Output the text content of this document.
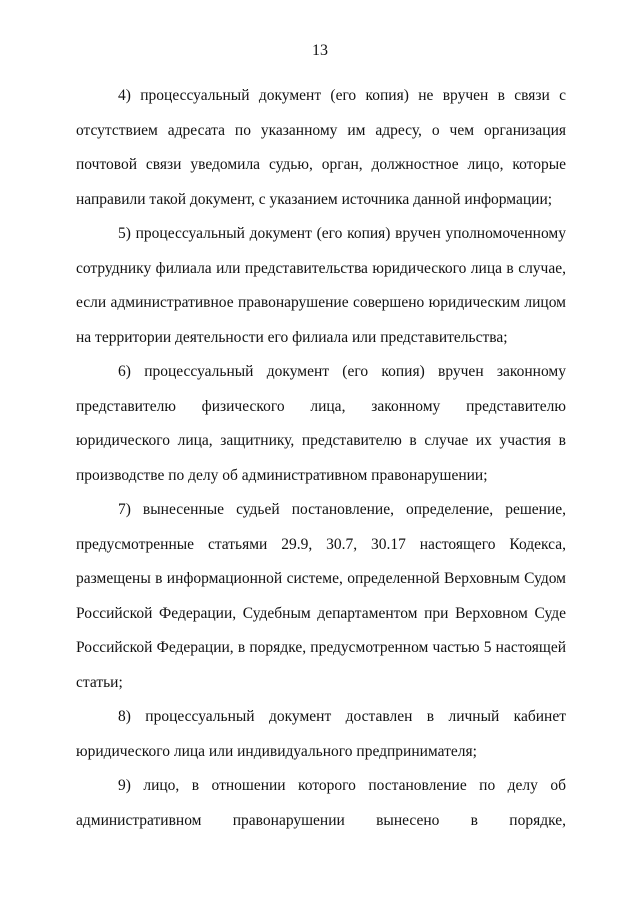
13

4) процессуальный документ (его копия) не вручен в связи с отсутствием адресата по указанному им адресу, о чем организация почтовой связи уведомила судью, орган, должностное лицо, которые направили такой документ, с указанием источника данной информации;

5) процессуальный документ (его копия) вручен уполномоченному сотруднику филиала или представительства юридического лица в случае, если административное правонарушение совершено юридическим лицом на территории деятельности его филиала или представительства;

6) процессуальный документ (его копия) вручен законному представителю физического лица, законному представителю юридического лица, защитнику, представителю в случае их участия в производстве по делу об административном правонарушении;

7) вынесенные судьей постановление, определение, решение, предусмотренные статьями 29.9, 30.7, 30.17 настоящего Кодекса, размещены в информационной системе, определенной Верховным Судом Российской Федерации, Судебным департаментом при Верховном Суде Российской Федерации, в порядке, предусмотренном частью 5 настоящей статьи;

8) процессуальный документ доставлен в личный кабинет юридического лица или индивидуального предпринимателя;

9) лицо, в отношении которого постановление по делу об административном правонарушении вынесено в порядке,
